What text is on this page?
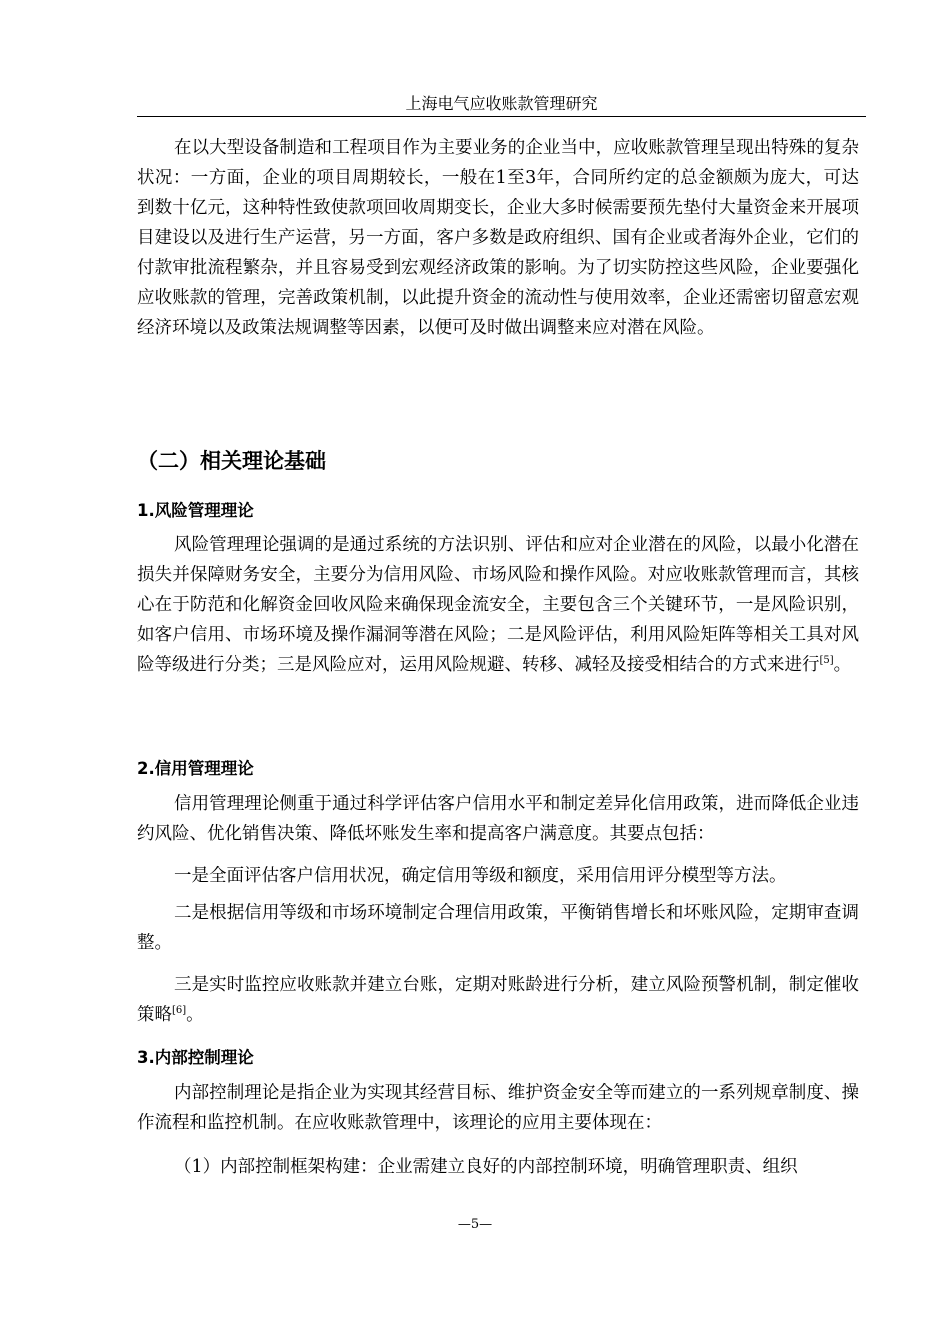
上海电气应收账款管理研究

在以大型设备制造和工程项目作为主要业务的企业当中，应收账款管理呈现出特殊的复杂状况：一方面，企业的项目周期较长，一般在1至3年，合同所约定的总金额颇为庞大，可达到数十亿元，这种特性致使款项回收周期变长，企业大多时候需要预先垫付大量资金来开展项目建设以及进行生产运营，另一方面，客户多数是政府组织、国有企业或者海外企业，它们的付款审批流程繁杂，并且容易受到宏观经济政策的影响。为了切实防控这些风险，企业要强化应收账款的管理，完善政策机制，以此提升资金的流动性与使用效率，企业还需密切留意宏观经济环境以及政策法规调整等因素，以便可及时做出调整来应对潜在风险。

（二）相关理论基础
1.风险管理理论

风险管理理论强调的是通过系统的方法识别、评估和应对企业潜在的风险，以最小化潜在损失并保障财务安全，主要分为信用风险、市场风险和操作风险。对应收账款管理而言，其核心在于防范和化解资金回收风险来确保现金流安全，主要包含三个关键环节，一是风险识别，如客户信用、市场环境及操作漏洞等潜在风险；二是风险评估，利用风险矩阵等相关工具对风险等级进行分类；三是风险应对，运用风险规避、转移、减轻及接受相结合的方式来进行[5]。

2.信用管理理论

信用管理理论侧重于通过科学评估客户信用水平和制定差异化信用政策，进而降低企业违约风险、优化销售决策、降低坏账发生率和提高客户满意度。其要点包括：

一是全面评估客户信用状况，确定信用等级和额度，采用信用评分模型等方法。

二是根据信用等级和市场环境制定合理信用政策，平衡销售增长和坏账风险，定期审查调整。

三是实时监控应收账款并建立台账，定期对账龄进行分析，建立风险预警机制，制定催收策略[6]。

3.内部控制理论

内部控制理论是指企业为实现其经营目标、维护资金安全等而建立的一系列规章制度、操作流程和监控机制。在应收账款管理中，该理论的应用主要体现在：

（1）内部控制框架构建：企业需建立良好的内部控制环境，明确管理职责、组织

—5—
